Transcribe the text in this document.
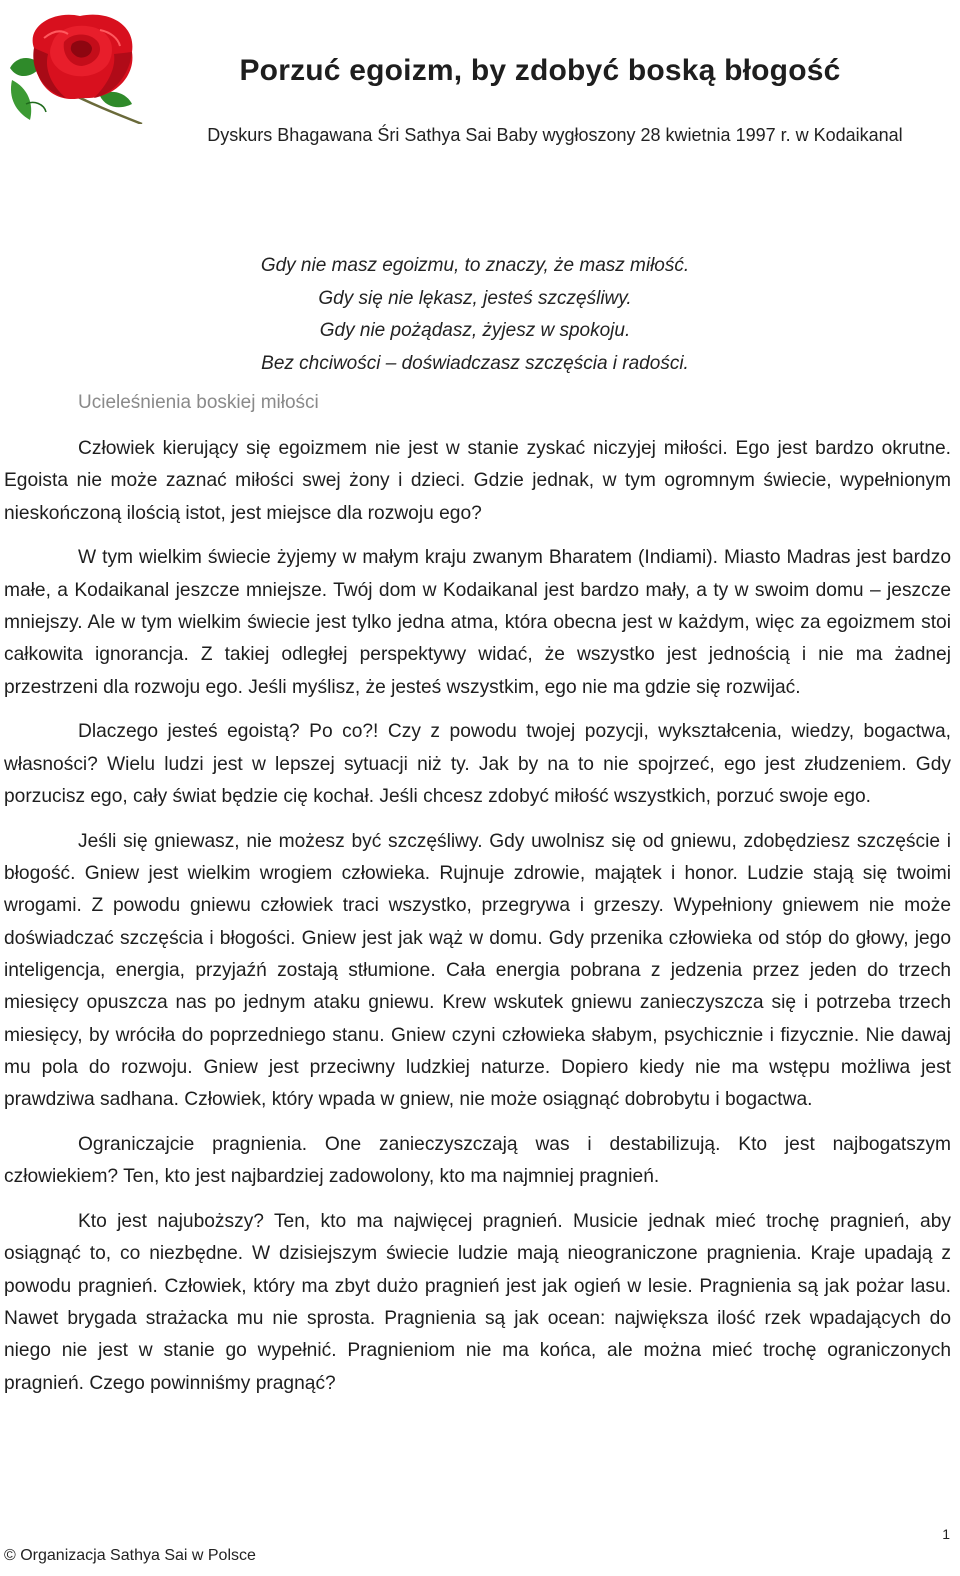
Porzuć egoizm, by zdobyć boską błogość
Dyskurs Bhagawana Śri Sathya Sai Baby wygłoszony 28 kwietnia 1997 r. w Kodaikanal
Gdy nie masz egoizmu, to znaczy, że masz miłość.
Gdy się nie lękasz, jesteś szczęśliwy.
Gdy nie pożądasz, żyjesz w spokoju.
Bez chciwości – doświadczasz szczęścia i radości.
Ucieleśnienia boskiej miłości

Człowiek kierujący się egoizmem nie jest w stanie zyskać niczyjej miłości. Ego jest bardzo okrutne. Egoista nie może zaznać miłości swej żony i dzieci. Gdzie jednak, w tym ogromnym świecie, wypełnionym nieskończoną ilością istot, jest miejsce dla rozwoju ego?

W tym wielkim świecie żyjemy w małym kraju zwanym Bharatem (Indiami). Miasto Madras jest bardzo małe, a Kodaikanal jeszcze mniejsze. Twój dom w Kodaikanal jest bardzo mały, a ty w swoim domu – jeszcze mniejszy. Ale w tym wielkim świecie jest tylko jedna atma, która obecna jest w każdym, więc za egoizmem stoi całkowita ignorancja. Z takiej odległej perspektywy widać, że wszystko jest jednością i nie ma żadnej przestrzeni dla rozwoju ego. Jeśli myślisz, że jesteś wszystkim, ego nie ma gdzie się rozwijać.

Dlaczego jesteś egoistą? Po co?! Czy z powodu twojej pozycji, wykształcenia, wiedzy, bogactwa, własności? Wielu ludzi jest w lepszej sytuacji niż ty. Jak by na to nie spojrzeć, ego jest złudzeniem. Gdy porzucisz ego, cały świat będzie cię kochał. Jeśli chcesz zdobyć miłość wszystkich, porzuć swoje ego.

Jeśli się gniewasz, nie możesz być szczęśliwy. Gdy uwolnisz się od gniewu, zdobędziesz szczęście i błogość. Gniew jest wielkim wrogiem człowieka. Rujnuje zdrowie, majątek i honor. Ludzie stają się twoimi wrogami. Z powodu gniewu człowiek traci wszystko, przegrywa i grzeszy. Wypełniony gniewem nie może doświadczać szczęścia i błogości. Gniew jest jak wąż w domu. Gdy przenika człowieka od stóp do głowy, jego inteligencja, energia, przyjaźń zostają stłumione. Cała energia pobrana z jedzenia przez jeden do trzech miesięcy opuszcza nas po jednym ataku gniewu. Krew wskutek gniewu zanieczyszcza się i potrzeba trzech miesięcy, by wróciła do poprzedniego stanu. Gniew czyni człowieka słabym, psychicznie i fizycznie. Nie dawaj mu pola do rozwoju. Gniew jest przeciwny ludzkiej naturze. Dopiero kiedy nie ma wstępu możliwa jest prawdziwa sadhana. Człowiek, który wpada w gniew, nie może osiągnąć dobrobytu i bogactwa.

Ograniczajcie pragnienia. One zanieczyszczają was i destabilizują. Kto jest najbogatszym człowiekiem? Ten, kto jest najbardziej zadowolony, kto ma najmniej pragnień.

Kto jest najuboższy? Ten, kto ma najwięcej pragnień. Musicie jednak mieć trochę pragnień, aby osiągnąć to, co niezbędne. W dzisiejszym świecie ludzie mają nieograniczone pragnienia. Kraje upadają z powodu pragnień. Człowiek, który ma zbyt dużo pragnień jest jak ogień w lesie. Pragnienia są jak pożar lasu. Nawet brygada strażacka mu nie sprosta. Pragnienia są jak ocean: największa ilość rzek wpadających do niego nie jest w stanie go wypełnić. Pragnieniom nie ma końca, ale można mieć trochę ograniczonych pragnień. Czego powinniśmy pragnąć?

1
© Organizacja Sathya Sai w Polsce
